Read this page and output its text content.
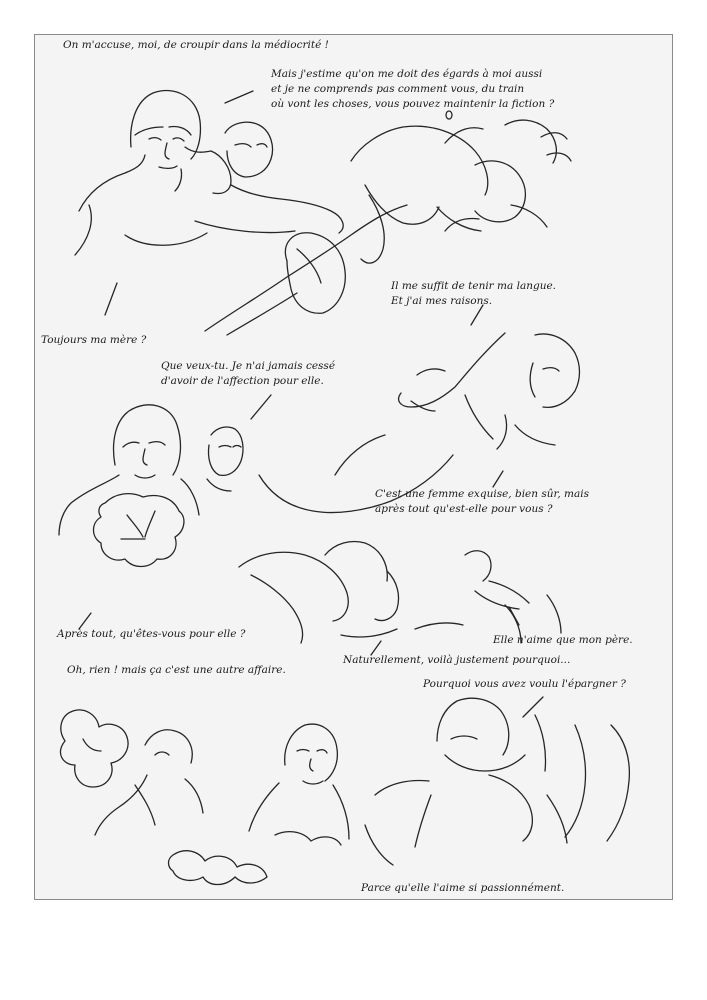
On m'accuse, moi, de croupir dans la médiocrité !
Mais j'estime qu'on me doit des égards à moi aussi
et je ne comprends pas comment vous, du train
où vont les choses, vous pouvez maintenir la fiction ?
Il me suffit de tenir ma langue.
Et j'ai mes raisons.
Toujours ma mère ?
Que veux-tu. Je n'ai jamais cessé
d'avoir de l'affection pour elle.
C'est une femme exquise, bien sûr, mais
après tout qu'est-elle pour vous ?
Après tout, qu'êtes-vous pour elle ?	Elle n'aime que mon père.
Naturellement, voilà justement pourquoi...
Oh, rien ! mais ça c'est une autre affaire.
Pourquoi vous avez voulu l'épargner ?
Parce qu'elle l'aime si passionnément.
